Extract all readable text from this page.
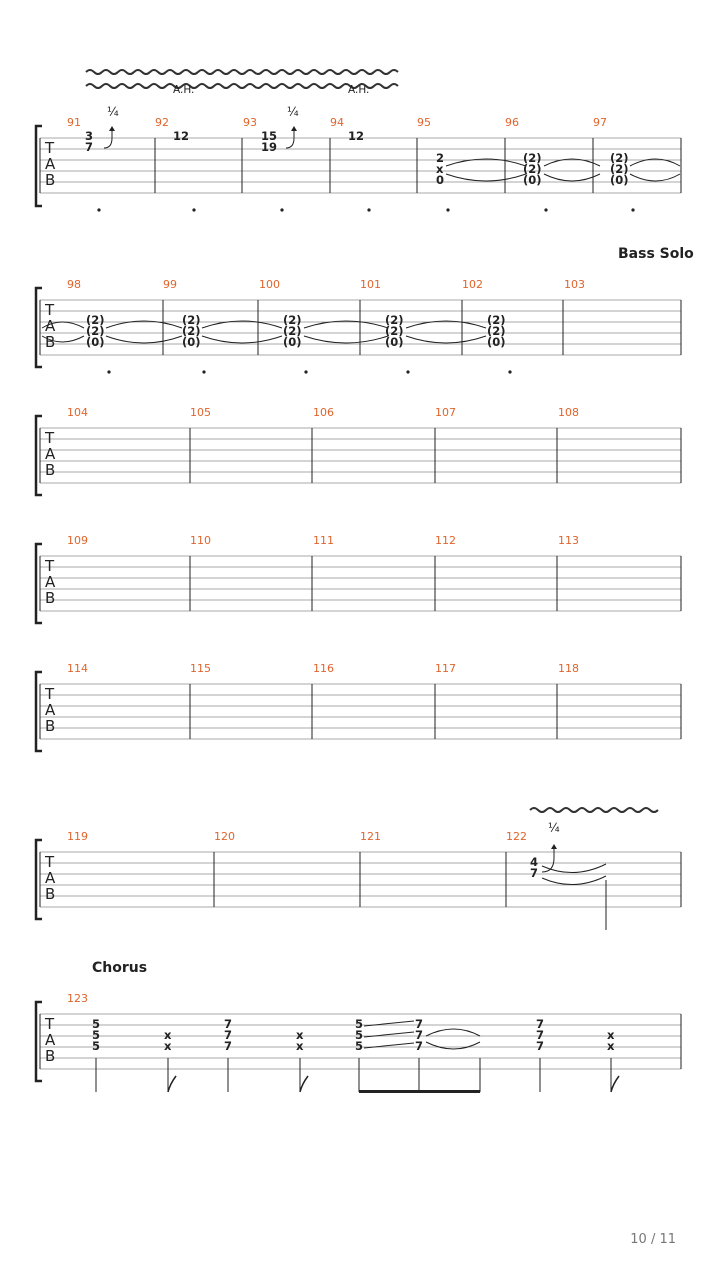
A.H.	A.H.
¼	¼
T
A
B
91	92	93	94	95	96	97
3
7
12	15
19
12
2
x
0
(2)
(2)
(0)
(2)
(2)
(0)
Bass Solo
T
A
B
98	99	100	101	102	103
(2)
(2)
(0)
(2)
(2)
(0)
(2)
(2)
(0)
(2)
(2)
(0)
(2)
(2)
(0)
T
A
B
104	105	106	107	108
T
A
B
109	110	111	112	113
T
A
B
114	115	116	117	118
¼
T
A
B
119	120	121	122
4
7
Chorus
T
A
B
123
5
5
5
x
x
7
7
7
x
x
5
5
5
7
7
7
7
7
7
x
x
10 / 11
